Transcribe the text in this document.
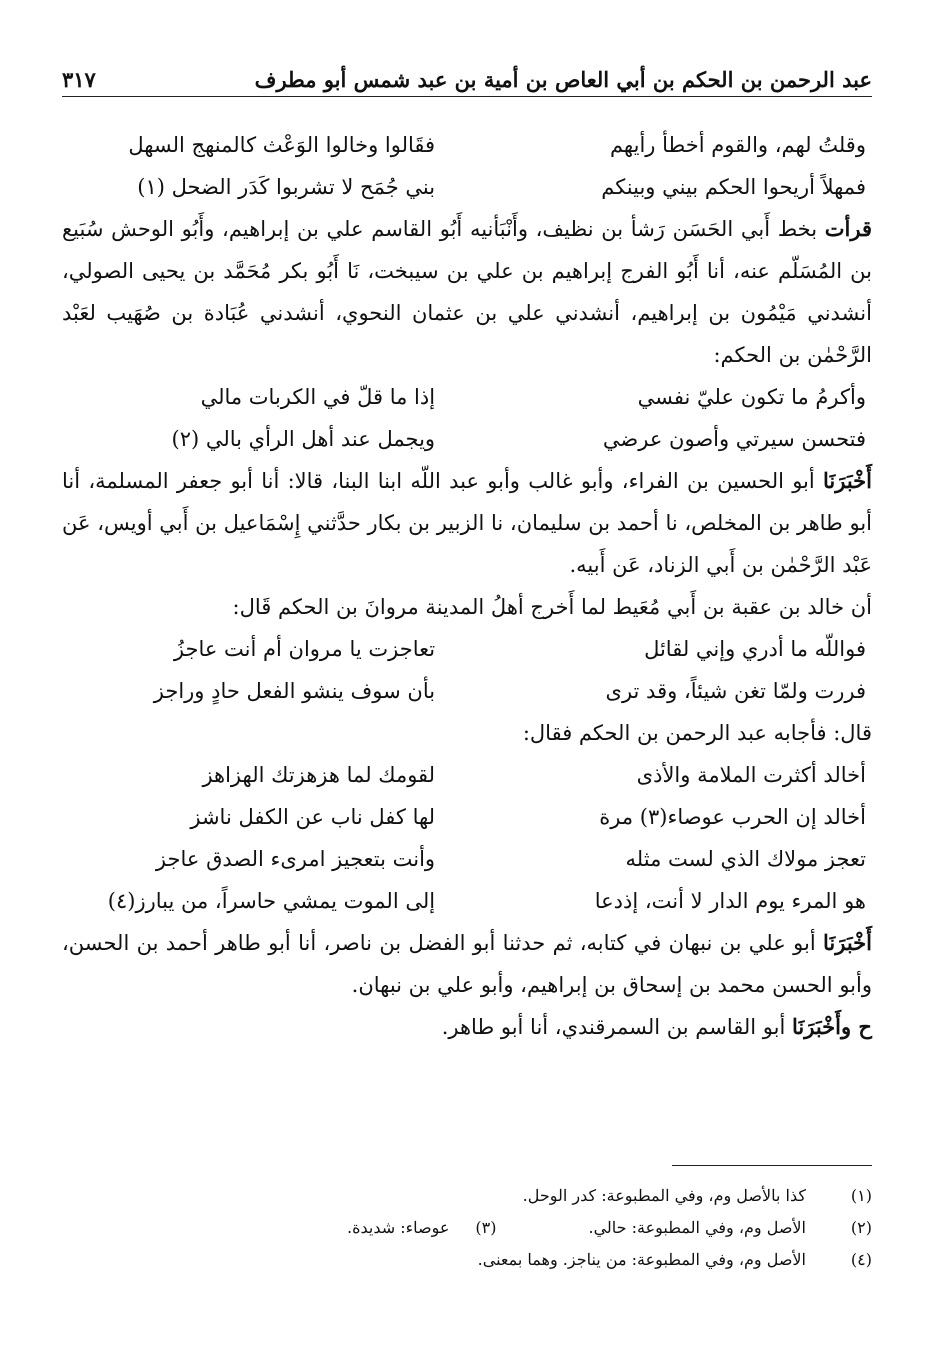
عبد الرحمن بن الحكم بن أبي العاص بن أمية بن عبد شمس أبو مطرف
٣١٧
وقلتُ لهم، والقوم أخطأ رأيهم
فقَالوا وخالوا الوَعْث كالمنهج السهل
فمهلاً أريحوا الحكم بيني وبينكم
بني جُمَح لا تشربوا كَدَر الضحل (١)

قرأت بخط أَبي الحَسَن رَشأ بن نظيف، وأَنْبَأنيه أَبُو القاسم علي بن إبراهيم، وأَبُو الوحش سُبَيع بن المُسَلّم عنه، أنا أَبُو الفرج إبراهيم بن علي بن سيبخت، نَا أَبُو بكر مُحَمَّد بن يحيى الصولي، أنشدني مَيْمُون بن إبراهيم، أنشدني علي بن عثمان النحوي، أنشدني عُبَادة بن صُهَيب لعَبْد الرَّحْمٰن بن الحكم:

وأكرمُ ما تكون عليّ نفسي
إذا ما قلّ في الكربات مالي
فتحسن سيرتي وأصون عرضي
ويجمل عند أهل الرأي بالي (٢)

أَخْبَرَنَا أبو الحسين بن الفراء، وأبو غالب وأبو عبد اللّه ابنا البنا، قالا: أنا أبو جعفر المسلمة، أنا أبو طاهر بن المخلص، نا أحمد بن سليمان، نا الزبير بن بكار حدَّثني إِسْمَاعيل بن أَبي أويس، عَن عَبْد الرَّحْمٰن بن أَبي الزناد، عَن أَبيه.

أن خالد بن عقبة بن أَبي مُعَيط لما أَخرج أهلُ المدينة مروانَ بن الحكم قَال:

فواللّه ما أدري وإني لقائل
تعاجزت يا مروان أم أنت عاجزُ
فررت ولمّا تغن شيئاً، وقد ترى
بأن سوف ينشو الفعل حادٍ وراجز

قال: فأجابه عبد الرحمن بن الحكم فقال:

أخالد أكثرت الملامة والأذى
لقومك لما هزهزتك الهزاهز
أخالد إن الحرب عوصاء(٣) مرة
لها كفل ناب عن الكفل ناشز
تعجز مولاك الذي لست مثله
وأنت بتعجيز امرىء الصدق عاجز
هو المرء يوم الدار لا أنت، إذدعا
إلى الموت يمشي حاسراً، من يبارز(٤)

أَخْبَرَنَا أبو علي بن نبهان في كتابه، ثم حدثنا أبو الفضل بن ناصر، أنا أبو طاهر أحمد بن الحسن، وأبو الحسن محمد بن إسحاق بن إبراهيم، وأبو علي بن نبهان.

ح وأَخْبَرَنَا أبو القاسم بن السمرقندي، أنا أبو طاهر.

(١)
كذا بالأصل وم، وفي المطبوعة: كدر الوحل.
(٢)
الأصل وم، وفي المطبوعة: حالي.
(٣)
عوصاء: شديدة.
(٤)
الأصل وم، وفي المطبوعة: من يناجز. وهما بمعنى.
